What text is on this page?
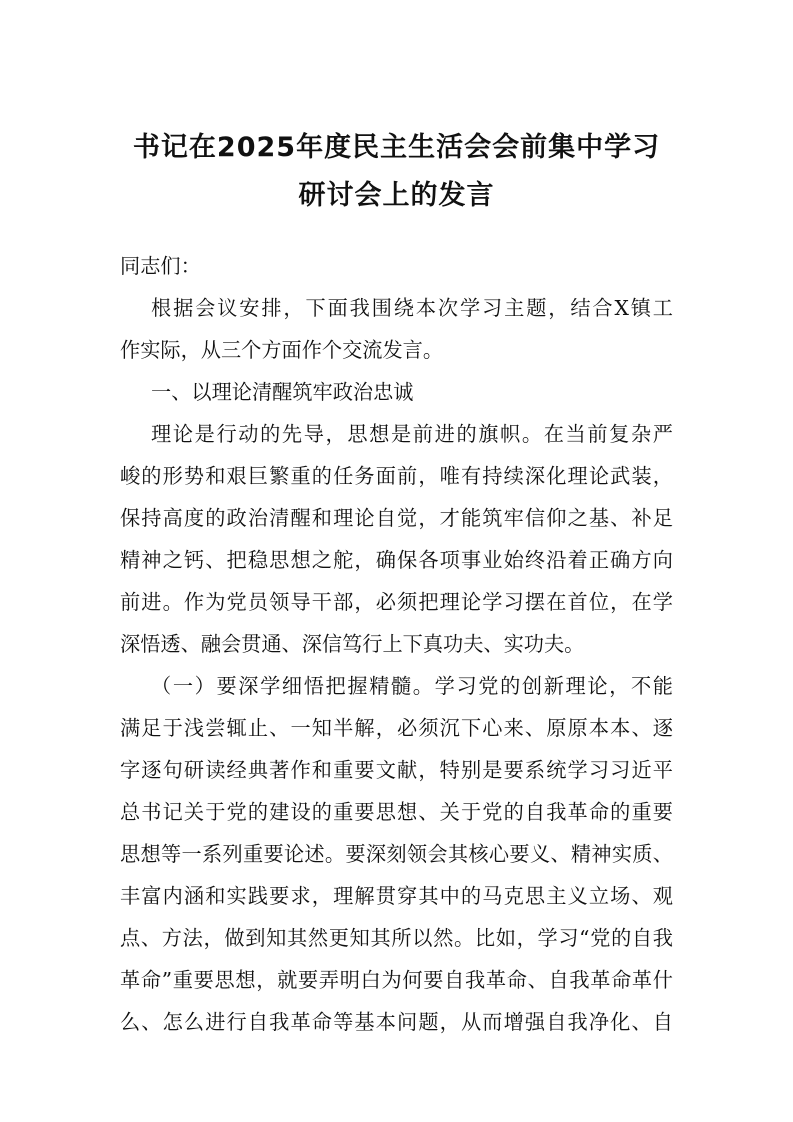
书记在2025年度民主生活会会前集中学习
研讨会上的发言
同志们：
根据会议安排，下面我围绕本次学习主题，结合X镇工
作实际，从三个方面作个交流发言。
一、以理论清醒筑牢政治忠诚
理论是行动的先导，思想是前进的旗帜。在当前复杂严
峻的形势和艰巨繁重的任务面前，唯有持续深化理论武装，
保持高度的政治清醒和理论自觉，才能筑牢信仰之基、补足
精神之钙、把稳思想之舵，确保各项事业始终沿着正确方向
前进。作为党员领导干部，必须把理论学习摆在首位，在学
深悟透、融会贯通、深信笃行上下真功夫、实功夫。
（一）要深学细悟把握精髓。学习党的创新理论，不能
满足于浅尝辄止、一知半解，必须沉下心来、原原本本、逐
字逐句研读经典著作和重要文献，特别是要系统学习习近平
总书记关于党的建设的重要思想、关于党的自我革命的重要
思想等一系列重要论述。要深刻领会其核心要义、精神实质、
丰富内涵和实践要求，理解贯穿其中的马克思主义立场、观
点、方法，做到知其然更知其所以然。比如，学习“党的自我
革命”重要思想，就要弄明白为何要自我革命、自我革命革什
么、怎么进行自我革命等基本问题，从而增强自我净化、自
